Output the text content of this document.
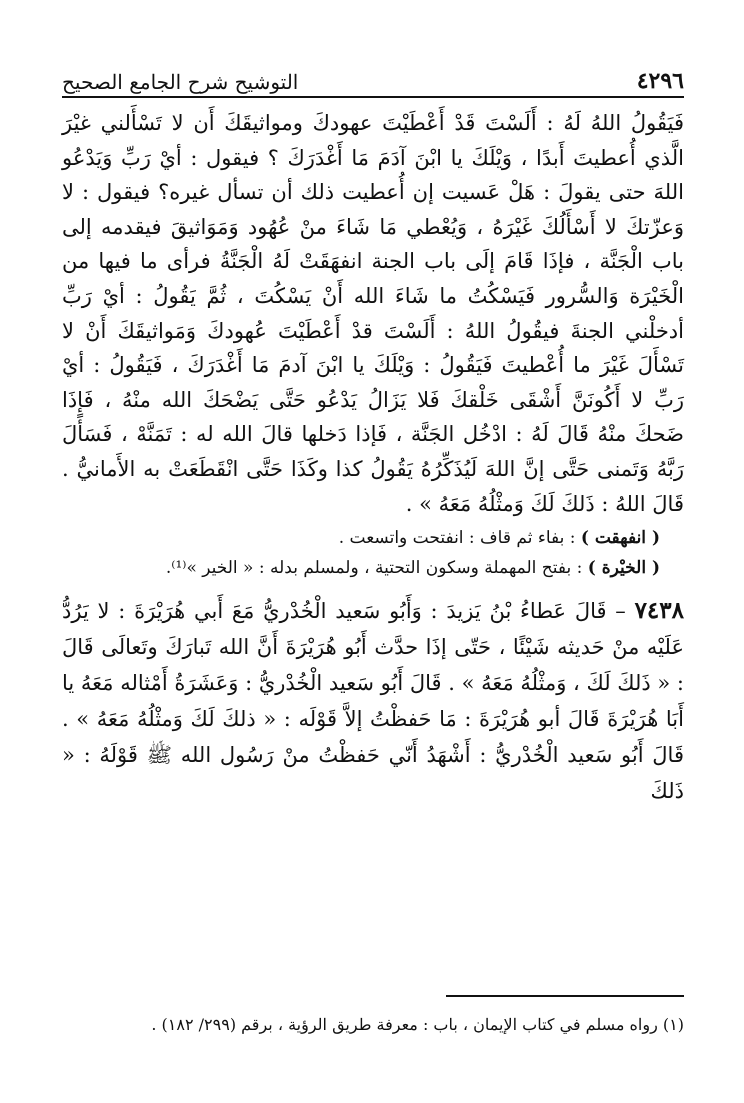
٤٢٩٦
التوشيح شرح الجامع الصحيح

فَيَقُولُ اللهُ لَهُ : أَلَسْتَ قَدْ أَعْطَيْتَ عهودكَ ومواثيقَكَ أَن لا تَسْأَلني غيْرَ الَّذي أُعطيتَ أَبدًا ، وَيْلَكَ يا ابْنَ آدَمَ مَا أَغْدَرَكَ ؟ فيقول : أيْ رَبِّ وَيَدْعُو اللهَ حتى يقولَ : هَلْ عَسيت إن أُعطيت ذلك أن تسأل غيره؟ فيقول : لا وَعزّتكَ لا أَسْأَلُكَ غَيْرَهُ ، وَيُعْطي مَا شَاءَ منْ عُهُود وَمَوَاثيقَ فيقدمه إلى باب الْجَنَّة ، فإذَا قَامَ إلَى باب الجنة انفهَقَتْ لَهُ الْجَنَّةُ فرأى ما فيها من الْخَيْرَة وَالسُّرور فَيَسْكُتُ ما شَاءَ الله أَنْ يَسْكُتَ ، ثُمَّ يَقُولُ : أيْ رَبِّ أدخلْني الجنةَ فيقُولُ اللهُ : أَلَسْتَ قدْ أَعْطَيْتَ عُهودكَ وَمَواثيقَكَ أَنْ لا تَسْأَلَ غَيْرَ ما أُعْطيتَ فَيَقُولُ : وَيْلَكَ يا ابْنَ آدمَ مَا أَغْدَرَكَ ، فَيَقُولُ : أيْ رَبِّ لا أَكُونَنَّ أَشْقَى خَلْقكَ فَلا يَزَالُ يَدْعُو حَتَّى يَضْحَكَ الله منْهُ ، فَإِذَا ضَحكَ منْهُ قَالَ لَهُ : ادْخُل الجَنَّة ، فَإذا دَخلها قالَ الله له : تَمَنَّهْ ، فَسَأَلَ رَبَّهُ وَتَمنى حَتَّى إنَّ اللهَ لَيُذَكِّرُهُ يَقُولُ كذا وكَذَا حَتَّى انْقَطَعَتْ به الأَمانيُّ . قَالَ اللهُ : ذَلكَ لَكَ وَمثْلُهُ مَعَهُ » .

( انفهقت ) : بفاء ثم قاف : انفتحت واتسعت .

( الخيْرة ) : بفتح المهملة وسكون التحتية ، ولمسلم بدله : « الخير »⁽¹⁾.

٧٤٣٨ – قَالَ عَطاءُ بْنُ يَزيدَ : وَأَبُو سَعيد الْخُدْريُّ مَعَ أَبي هُرَيْرَةَ : لا يَرُدُّ عَلَيْه منْ حَديثه شَيْئًا ، حَتّى إذَا حدَّث أَبُو هُرَيْرَةَ أَنَّ الله تَبارَكَ وتَعالَى قَالَ : « ذَلكَ لَكَ ، وَمثْلُهُ مَعَهُ » . قَالَ أَبُو سَعيد الْخُدْريُّ : وَعَشَرَةُ أَمْثاله مَعَهُ يا أَبَا هُرَيْرَةَ قَالَ أبو هُرَيْرَةَ : مَا حَفظْتُ إلاَّ قَوْلَه : « ذلكَ لَكَ وَمثْلُهُ مَعَهُ » . قَالَ أَبُو سَعيد الْخُدْريُّ : أَشْهَدُ أَنّي حَفظْتُ منْ رَسُول الله ﷺ قَوْلَهُ : « ذَلكَ
(١) رواه مسلم في كتاب الإيمان ، باب : معرفة طريق الرؤية ، برقم (٢٩٩/ ١٨٢) .
